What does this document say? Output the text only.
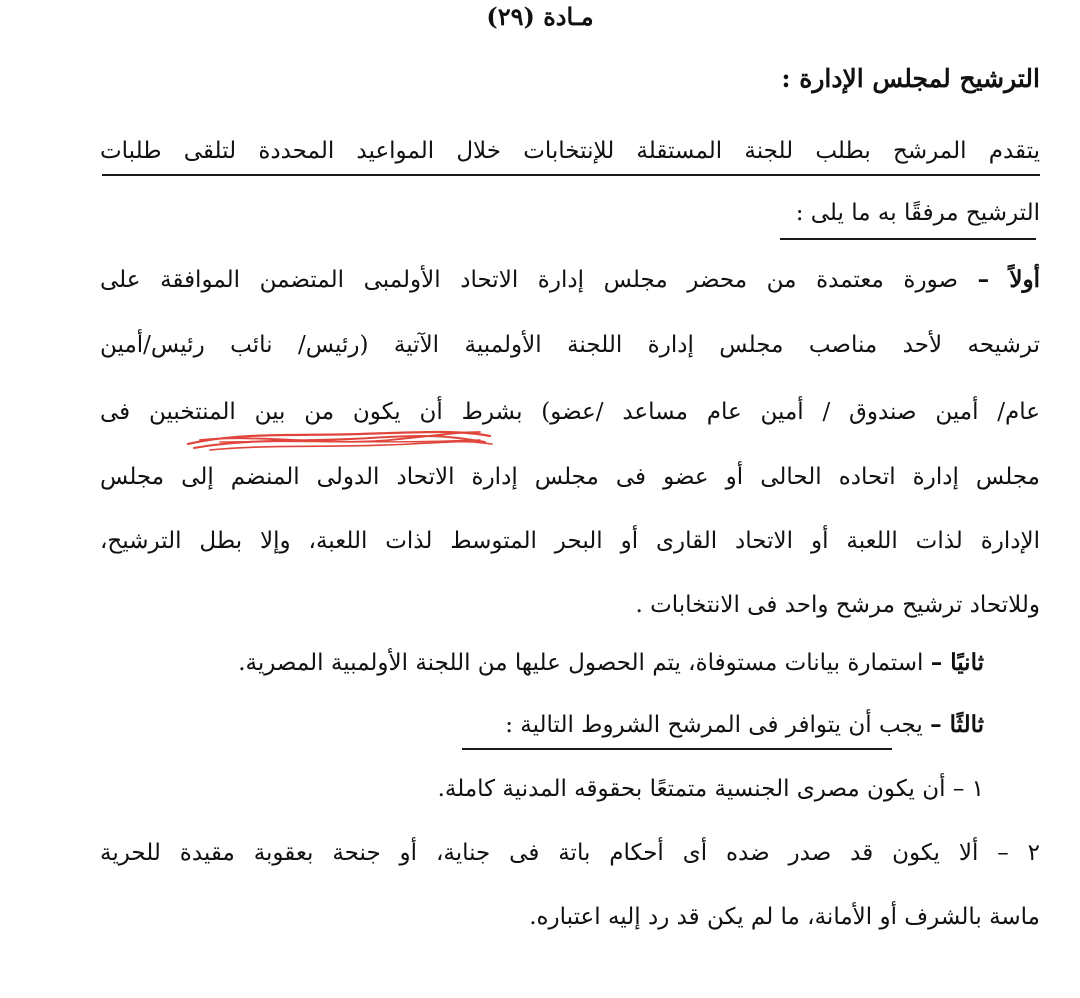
مـادة (٢٩)
الترشيح لمجلس الإدارة :
يتقدم المرشح بطلب للجنة المستقلة للإنتخابات خلال المواعيد المحددة لتلقى طلبات
الترشيح مرفقًا به ما يلى :
أولاً – صورة معتمدة من محضر مجلس إدارة الاتحاد الأولمبى المتضمن الموافقة على
ترشيحه لأحد مناصب مجلس إدارة اللجنة الأولمبية الآتية (رئيس/ نائب رئيس/أمين
عام/ أمين صندوق / أمين عام مساعد /عضو) بشرط أن يكون من بين المنتخبين فى
مجلس إدارة اتحاده الحالى أو عضو فى مجلس إدارة الاتحاد الدولى المنضم إلى مجلس
الإدارة لذات اللعبة أو الاتحاد القارى أو البحر المتوسط لذات اللعبة، وإلا بطل الترشيح،
وللاتحاد ترشيح مرشح واحد فى الانتخابات .
ثانيًا – استمارة بيانات مستوفاة، يتم الحصول عليها من اللجنة الأولمبية المصرية.
ثالثًا – يجب أن يتوافر فى المرشح الشروط التالية :
١ – أن يكون مصرى الجنسية متمتعًا بحقوقه المدنية كاملة.
٢ – ألا يكون قد صدر ضده أى أحكام باتة فى جناية، أو جنحة بعقوبة مقيدة للحرية
ماسة بالشرف أو الأمانة، ما لم يكن قد رد إليه اعتباره.
